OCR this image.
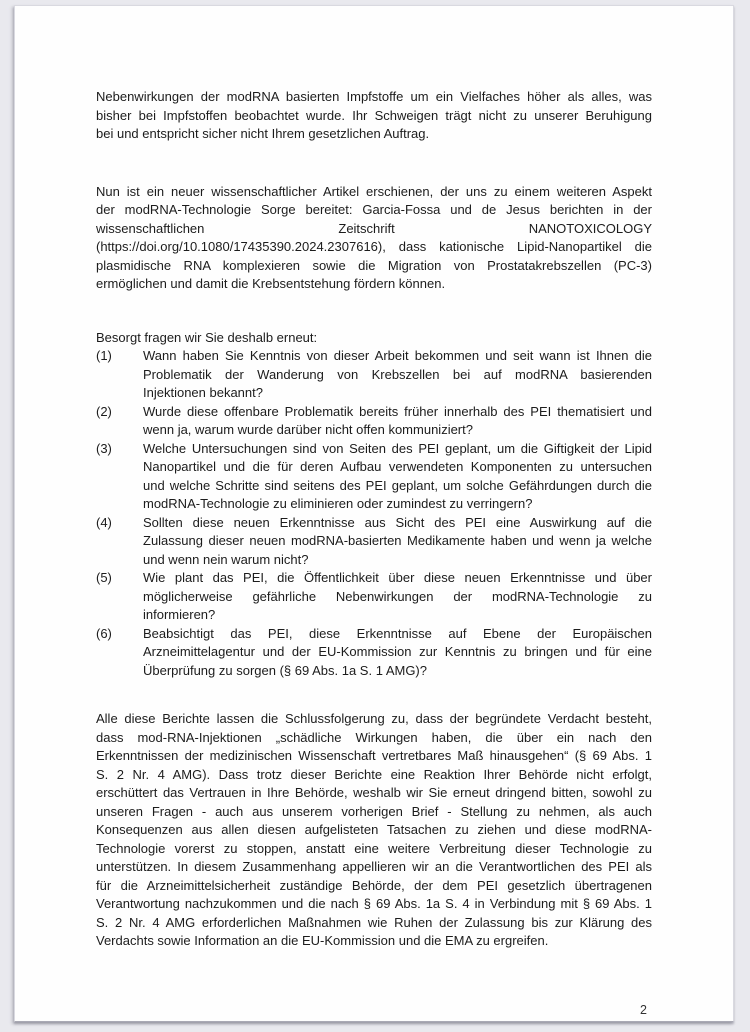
Nebenwirkungen der modRNA basierten Impfstoffe um ein Vielfaches höher als alles, was
bisher bei Impfstoffen beobachtet wurde. Ihr Schweigen trägt nicht zu unserer Beruhigung
bei und entspricht sicher nicht Ihrem gesetzlichen Auftrag.
Nun ist ein neuer wissenschaftlicher Artikel erschienen, der uns zu einem weiteren Aspekt
der modRNA-Technologie Sorge bereitet: Garcia-Fossa und de Jesus berichten in der
wissenschaftlichen Zeitschrift NANOTOXICOLOGY
(https://doi.org/10.1080/17435390.2024.2307616), dass kationische Lipid-Nanopartikel die
plasmidische RNA komplexieren sowie die Migration von Prostatakrebszellen (PC-3)
ermöglichen und damit die Krebsentstehung fördern können.
Besorgt fragen wir Sie deshalb erneut:
(1)	Wann haben Sie Kenntnis von dieser Arbeit bekommen und seit wann ist Ihnen die
Problematik der Wanderung von Krebszellen bei auf modRNA basierenden
Injektionen bekannt?
(2)	Wurde diese offenbare Problematik bereits früher innerhalb des PEI thematisiert und
wenn ja, warum wurde darüber nicht offen kommuniziert?
(3)	Welche Untersuchungen sind von Seiten des PEI geplant, um die Giftigkeit der Lipid
Nanopartikel und die für deren Aufbau verwendeten Komponenten zu untersuchen
und welche Schritte sind seitens des PEI geplant, um solche Gefährdungen durch die
modRNA-Technologie zu eliminieren oder zumindest zu verringern?
(4)	Sollten diese neuen Erkenntnisse aus Sicht des PEI eine Auswirkung auf die
Zulassung dieser neuen modRNA-basierten Medikamente haben und wenn ja welche
und wenn nein warum nicht?
(5)	Wie plant das PEI, die Öffentlichkeit über diese neuen Erkenntnisse und über
möglicherweise gefährliche Nebenwirkungen der modRNA-Technologie zu
informieren?
(6)	Beabsichtigt das PEI, diese Erkenntnisse auf Ebene der Europäischen
Arzneimittelagentur und der EU-Kommission zur Kenntnis zu bringen und für eine
Überprüfung zu sorgen (§ 69 Abs. 1a S. 1 AMG)?
Alle diese Berichte lassen die Schlussfolgerung zu, dass der begründete Verdacht besteht,
dass mod-RNA-Injektionen „schädliche Wirkungen haben, die über ein nach den
Erkenntnissen der medizinischen Wissenschaft vertretbares Maß hinausgehen“ (§ 69 Abs. 1
S. 2 Nr. 4 AMG). Dass trotz dieser Berichte eine Reaktion Ihrer Behörde nicht erfolgt,
erschüttert das Vertrauen in Ihre Behörde, weshalb wir Sie erneut dringend bitten, sowohl zu
unseren Fragen - auch aus unserem vorherigen Brief - Stellung zu nehmen, als auch
Konsequenzen aus allen diesen aufgelisteten Tatsachen zu ziehen und diese modRNA-
Technologie vorerst zu stoppen, anstatt eine weitere Verbreitung dieser Technologie zu
unterstützen. In diesem Zusammenhang appellieren wir an die Verantwortlichen des PEI als
für die Arzneimittelsicherheit zuständige Behörde, der dem PEI gesetzlich übertragenen
Verantwortung nachzukommen und die nach § 69 Abs. 1a S. 4 in Verbindung mit § 69 Abs. 1
S. 2 Nr. 4 AMG erforderlichen Maßnahmen wie Ruhen der Zulassung bis zur Klärung des
Verdachts sowie Information an die EU-Kommission und die EMA zu ergreifen.
2
